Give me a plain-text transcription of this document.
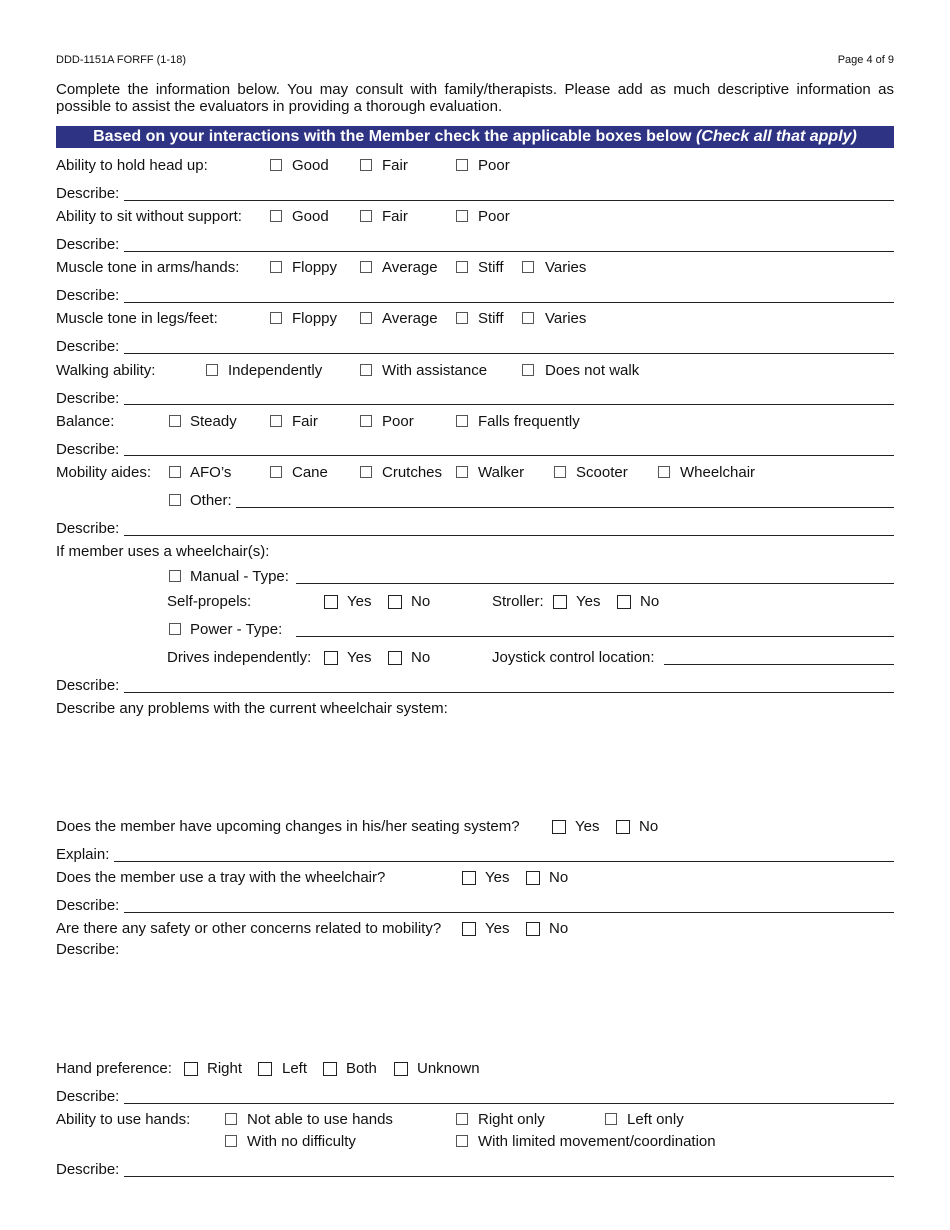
DDD-1151A FORFF (1-18)	Page 4 of 9
Complete the information below. You may consult with family/therapists. Please add as much descriptive information as possible to assist the evaluators in providing a thorough evaluation.
Based on your interactions with the Member check the applicable boxes below (Check all that apply)
Ability to hold head up:	Good	Fair	Poor
Describe:
Ability to sit without support:	Good	Fair	Poor
Describe:
Muscle tone in arms/hands:	Floppy	Average	Stiff	Varies
Describe:
Muscle tone in legs/feet:	Floppy	Average	Stiff	Varies
Describe:
Walking ability:	Independently	With assistance	Does not walk
Describe:
Balance:	Steady	Fair	Poor	Falls frequently
Describe:
Mobility aides:	AFO’s	Cane	Crutches Walker	Scooter	Wheelchair
Other:
Describe:
If member uses a wheelchair(s):
Manual - Type:
Self-propels:	Yes	No	Stroller: Yes	No
Power - Type:
Drives independently: Yes	No	Joystick control location:
Describe:
Describe any problems with the current wheelchair system:
Does the member have upcoming changes in his/her seating system?	Yes	No
Explain:
Does the member use a tray with the wheelchair?	Yes	No
Describe:
Are there any safety or other concerns related to mobility?	Yes	No
Describe:
Hand preference: Right	Left	Both	Unknown
Describe:
Ability to use hands:	Not able to use hands	Right only	Left only
With no difficulty	With limited movement/coordination
Describe:
